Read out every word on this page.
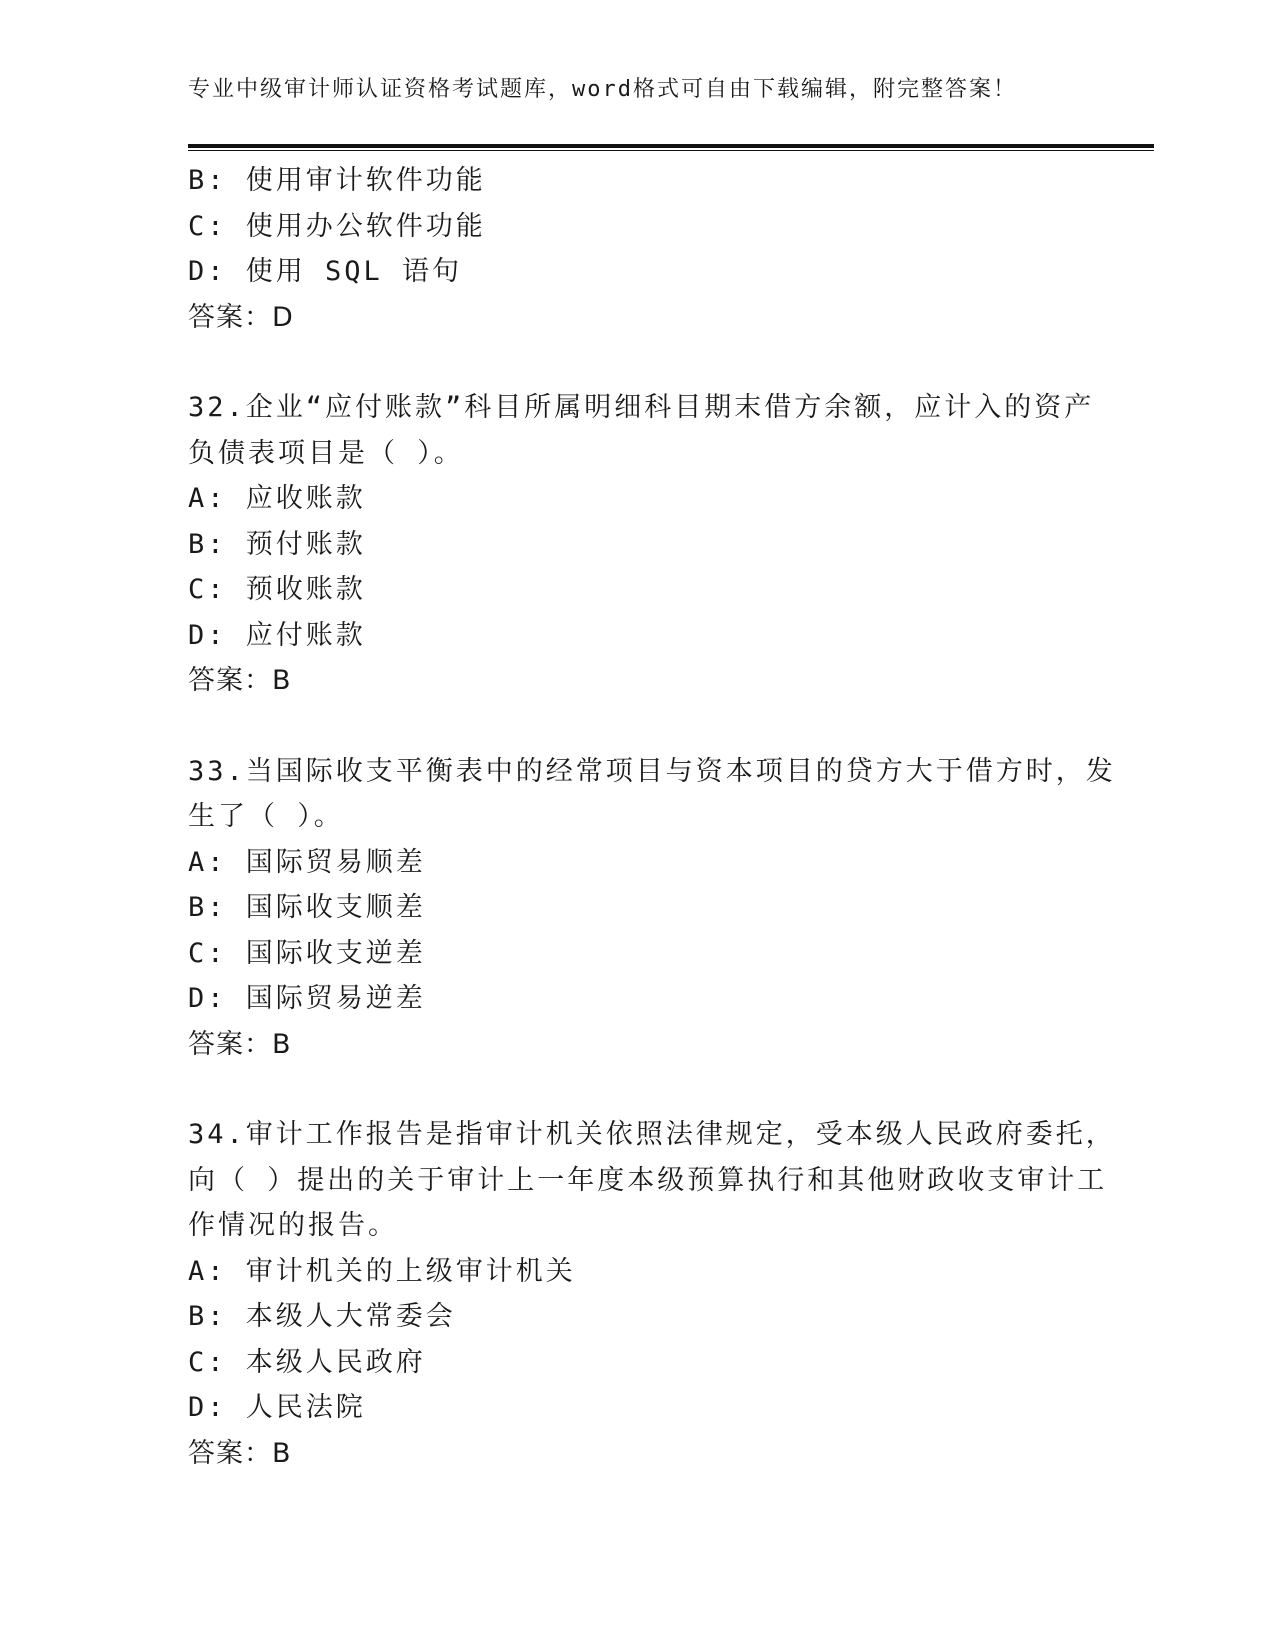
专业中级审计师认证资格考试题库，word格式可自由下载编辑，附完整答案！
B: 使用审计软件功能
C: 使用办公软件功能
D: 使用 SQL 语句
答案：D
32.企业“应付账款”科目所属明细科目期末借方余额，应计入的资产
负债表项目是（ ）。
A: 应收账款
B: 预付账款
C: 预收账款
D: 应付账款
答案：B
33.当国际收支平衡表中的经常项目与资本项目的贷方大于借方时，发
生了（ ）。
A: 国际贸易顺差
B: 国际收支顺差
C: 国际收支逆差
D: 国际贸易逆差
答案：B
34.审计工作报告是指审计机关依照法律规定，受本级人民政府委托，
向（ ）提出的关于审计上一年度本级预算执行和其他财政收支审计工
作情况的报告。
A: 审计机关的上级审计机关
B: 本级人大常委会
C: 本级人民政府
D: 人民法院
答案：B
